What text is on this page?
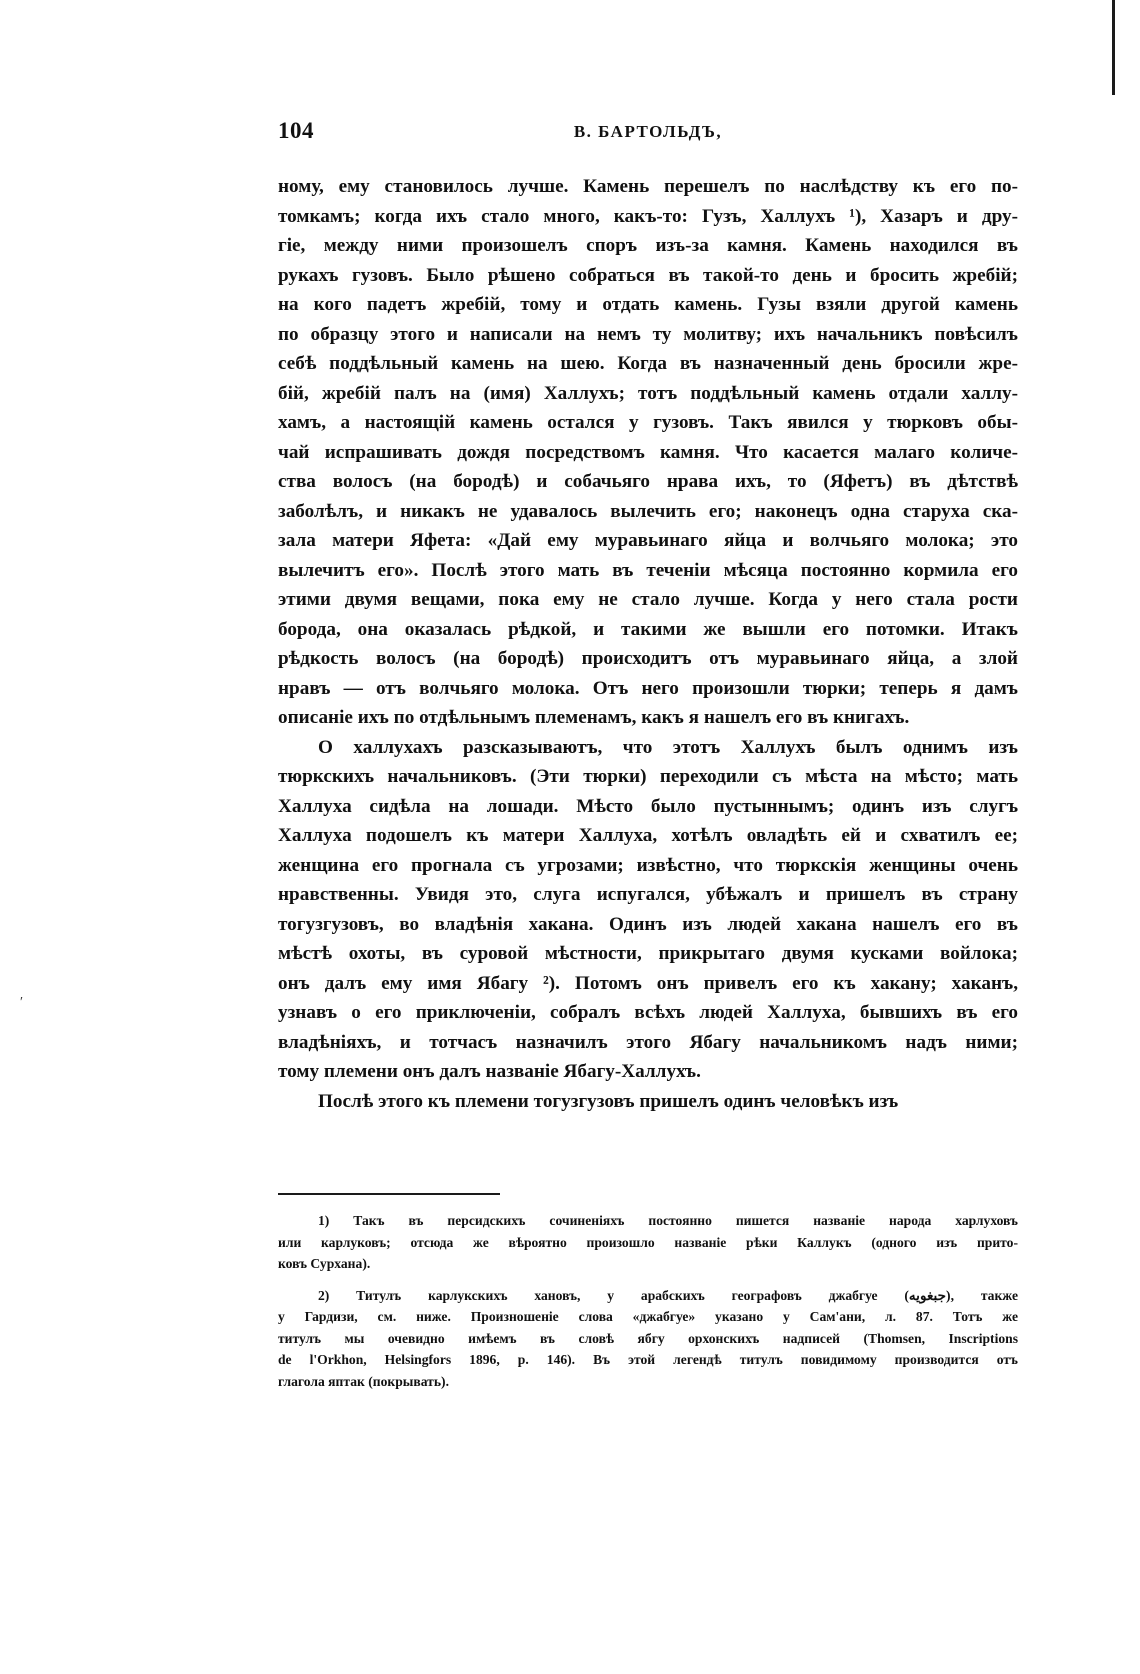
′
104	В. БАРТОЛЬДЪ,
ному, ему становилось лучше. Камень перешелъ по наслѣдству къ его по-
томкамъ; когда ихъ стало много, какъ-то: Гузъ, Халлухъ ¹), Хазаръ и дру-
гіе, между ними произошелъ споръ изъ-за камня. Камень находился въ
рукахъ гузовъ. Было рѣшено собраться въ такой-то день и бросить жребій;
на кого падетъ жребій, тому и отдать камень. Гузы взяли другой камень
по образцу этого и написали на немъ ту молитву; ихъ начальникъ повѣсилъ
себѣ поддѣльный камень на шею. Когда въ назначенный день бросили жре-
бій, жребій палъ на (имя) Халлухъ; тотъ поддѣльный камень отдали халлу-
хамъ, а настоящій камень остался у гузовъ. Такъ явился у тюрковъ обы-
чай испрашивать дождя посредствомъ камня. Что касается малаго количе-
ства волосъ (на бородѣ) и собачьяго нрава ихъ, то (Яфетъ) въ дѣтствѣ
заболѣлъ, и никакъ не удавалось вылечить его; наконецъ одна старуха ска-
зала матери Яфета: «Дай ему муравьинаго яйца и волчьяго молока; это
вылечитъ его». Послѣ этого мать въ теченіи мѣсяца постоянно кормила его
этими двумя вещами, пока ему не стало лучше. Когда у него стала рости
борода, она оказалась рѣдкой, и такими же вышли его потомки. Итакъ
рѣдкость волосъ (на бородѣ) происходитъ отъ муравьинаго яйца, а злой
нравъ — отъ волчьяго молока. Отъ него произошли тюрки; теперь я дамъ
описаніе ихъ по отдѣльнымъ племенамъ, какъ я нашелъ его въ книгахъ.
О халлухахъ разсказываютъ, что этотъ Халлухъ былъ однимъ изъ
тюркскихъ начальниковъ. (Эти тюрки) переходили съ мѣста на мѣсто; мать
Халлуха сидѣла на лошади. Мѣсто было пустыннымъ; одинъ изъ слугъ
Халлуха подошелъ къ матери Халлуха, хотѣлъ овладѣть ей и схватилъ ее;
женщина его прогнала съ угрозами; извѣстно, что тюркскія женщины очень
нравственны. Увидя это, слуга испугался, убѣжалъ и пришелъ въ страну
тогузгузовъ, во владѣнія хакана. Одинъ изъ людей хакана нашелъ его въ
мѣстѣ охоты, въ суровой мѣстности, прикрытаго двумя кусками войлока;
онъ далъ ему имя Ябагу ²). Потомъ онъ привелъ его къ хакану; хаканъ,
узнавъ о его приключеніи, собралъ всѣхъ людей Халлуха, бывшихъ въ его
владѣніяхъ, и тотчасъ назначилъ этого Ябагу начальникомъ надъ ними;
тому племени онъ далъ названіе Ябагу-Халлухъ.
Послѣ этого къ племени тогузгузовъ пришелъ одинъ человѣкъ изъ
1) Такъ въ персидскихъ сочиненіяхъ постоянно пишется названіе народа харлуховъ
или карлуковъ; отсюда же вѣроятно произошло названіе рѣки Каллукъ (одного изъ прито-
ковъ Сурхана).
2) Титулъ карлукскихъ хановъ, у арабскихъ географовъ джабгуе (جبغويه), также
у Гардизи, см. ниже. Произношеніе слова «джабгуе» указано у Сам'ани, л. 87. Тотъ же
титулъ мы очевидно имѣемъ въ словѣ ябгу орхонскихъ надписей (Thomsen, Inscriptions
de l'Orkhon, Helsingfors 1896, p. 146). Въ этой легендѣ титулъ повидимому производится отъ
глагола яптак (покрывать).
